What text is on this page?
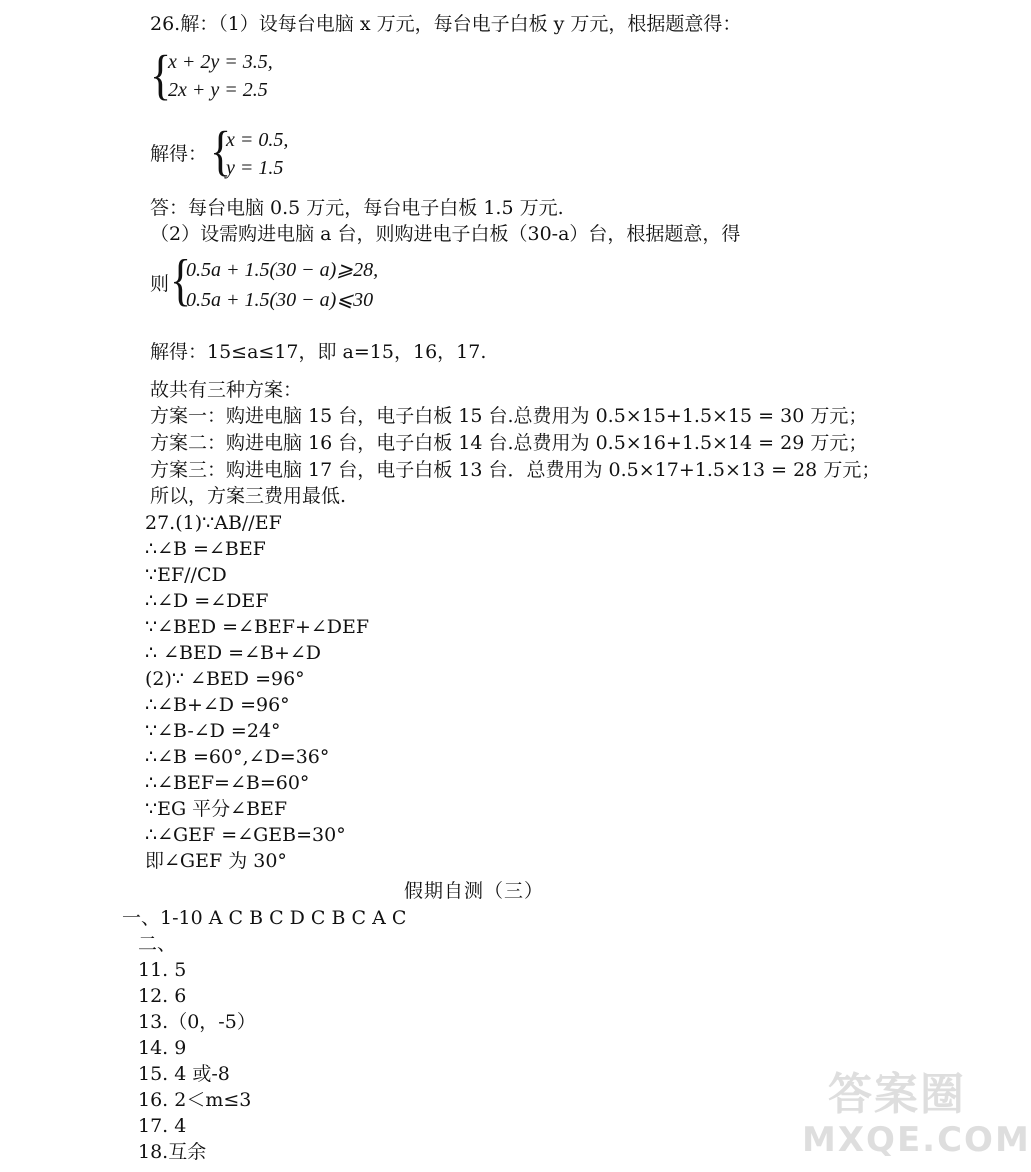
26.解：（1）设每台电脑 x 万元，每台电子白板 y 万元，根据题意得：
{
x + 2y = 3.5,
2x + y = 2.5
解得： {
x = 0.5,
y = 1.5
答：每台电脑 0.5 万元，每台电子白板 1.5 万元.
（2）设需购进电脑 a 台，则购进电子白板（30-a）台，根据题意，得
则 {
0.5a + 1.5(30 − a)⩾28,
0.5a + 1.5(30 − a)⩽30
解得：15≤a≤17，即 a=15，16，17.
故共有三种方案：
方案一：购进电脑 15 台，电子白板 15 台.总费用为 0.5×15+1.5×15 = 30 万元；
方案二：购进电脑 16 台，电子白板 14 台.总费用为 0.5×16+1.5×14 = 29 万元；
方案三：购进电脑 17 台，电子白板 13 台．总费用为 0.5×17+1.5×13 = 28 万元；
所以，方案三费用最低.
27.(1)∵AB//EF
∴∠B =∠BEF
∵EF//CD
∴∠D =∠DEF
∵∠BED =∠BEF+∠DEF
∴ ∠BED =∠B+∠D
(2)∵ ∠BED =96°
∴∠B+∠D =96°
∵∠B-∠D =24°
∴∠B =60°,∠D=36°
∴∠BEF=∠B=60°
∵EG 平分∠BEF
∴∠GEF =∠GEB=30°
即∠GEF 为 30°
假期自测（三）
一、1-10 A C B C D C B C A C
二、
11. 5
12. 6
13.（0，-5）
14. 9
15. 4 或-8
16. 2＜m≤3
17. 4
18.互余
答案圈
MXQE.COM
